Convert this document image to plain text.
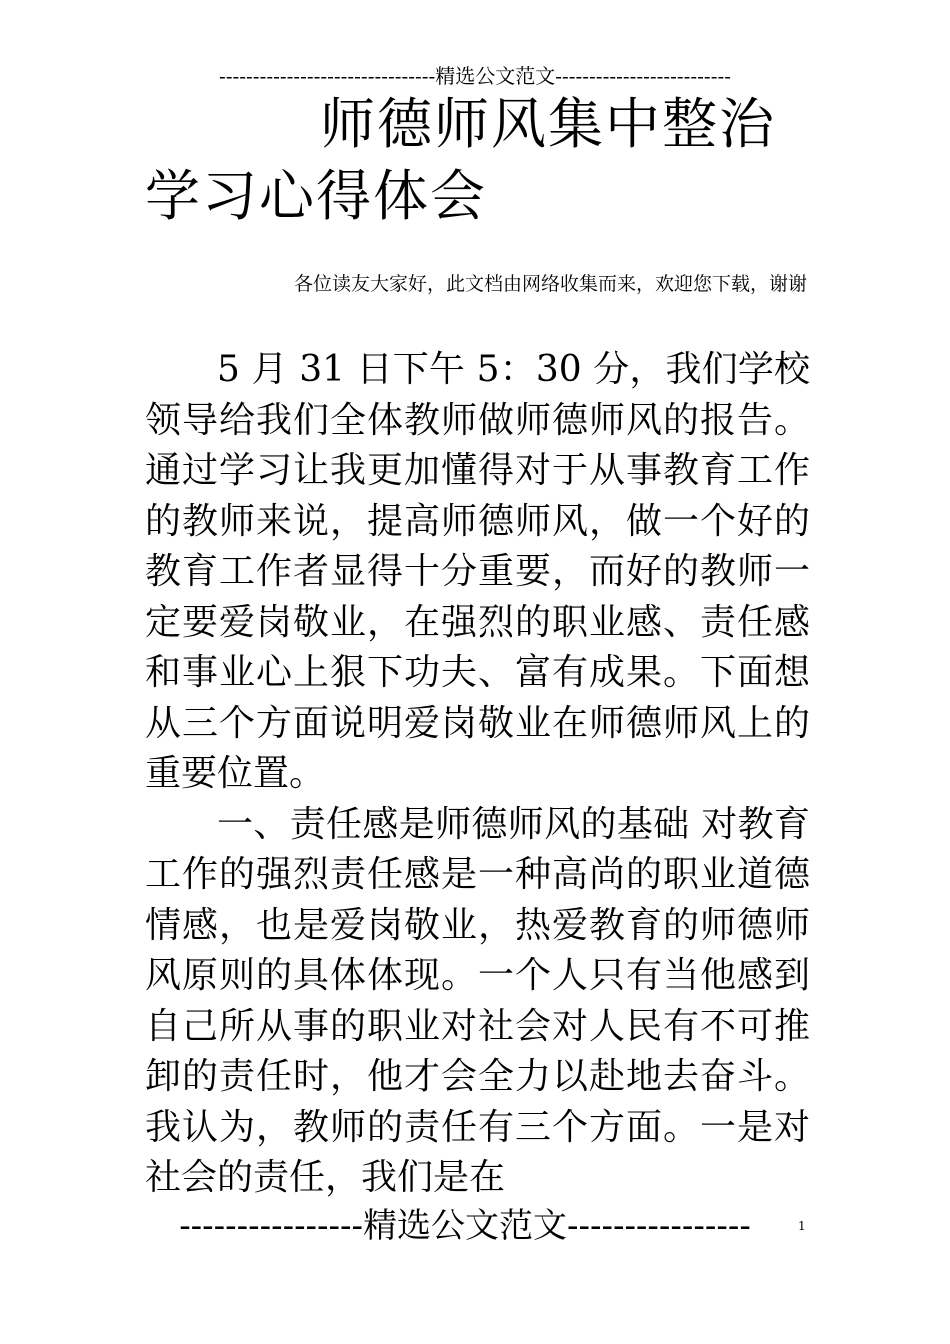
--------------------------------精选公文范文--------------------------
师德师风集中整治
学习心得体会
各位读友大家好，此文档由网络收集而来，欢迎您下载，谢谢

5 月 31 日下午 5：30 分，我们学校领导给我们全体教师做师德师风的报告。通过学习让我更加懂得对于从事教育工作的教师来说，提高师德师风，做一个好的教育工作者显得十分重要，而好的教师一定要爱岗敬业，在强烈的职业感、责任感和事业心上狠下功夫、富有成果。下面想从三个方面说明爱岗敬业在师德师风上的重要位置。

一、责任感是师德师风的基础 对教育工作的强烈责任感是一种高尚的职业道德情感，也是爱岗敬业，热爱教育的师德师风原则的具体体现。一个人只有当他感到自己所从事的职业对社会对人民有不可推卸的责任时，他才会全力以赴地去奋斗。我认为，教师的责任有三个方面。一是对社会的责任，我们是在

----------------精选公文范文----------------	1
